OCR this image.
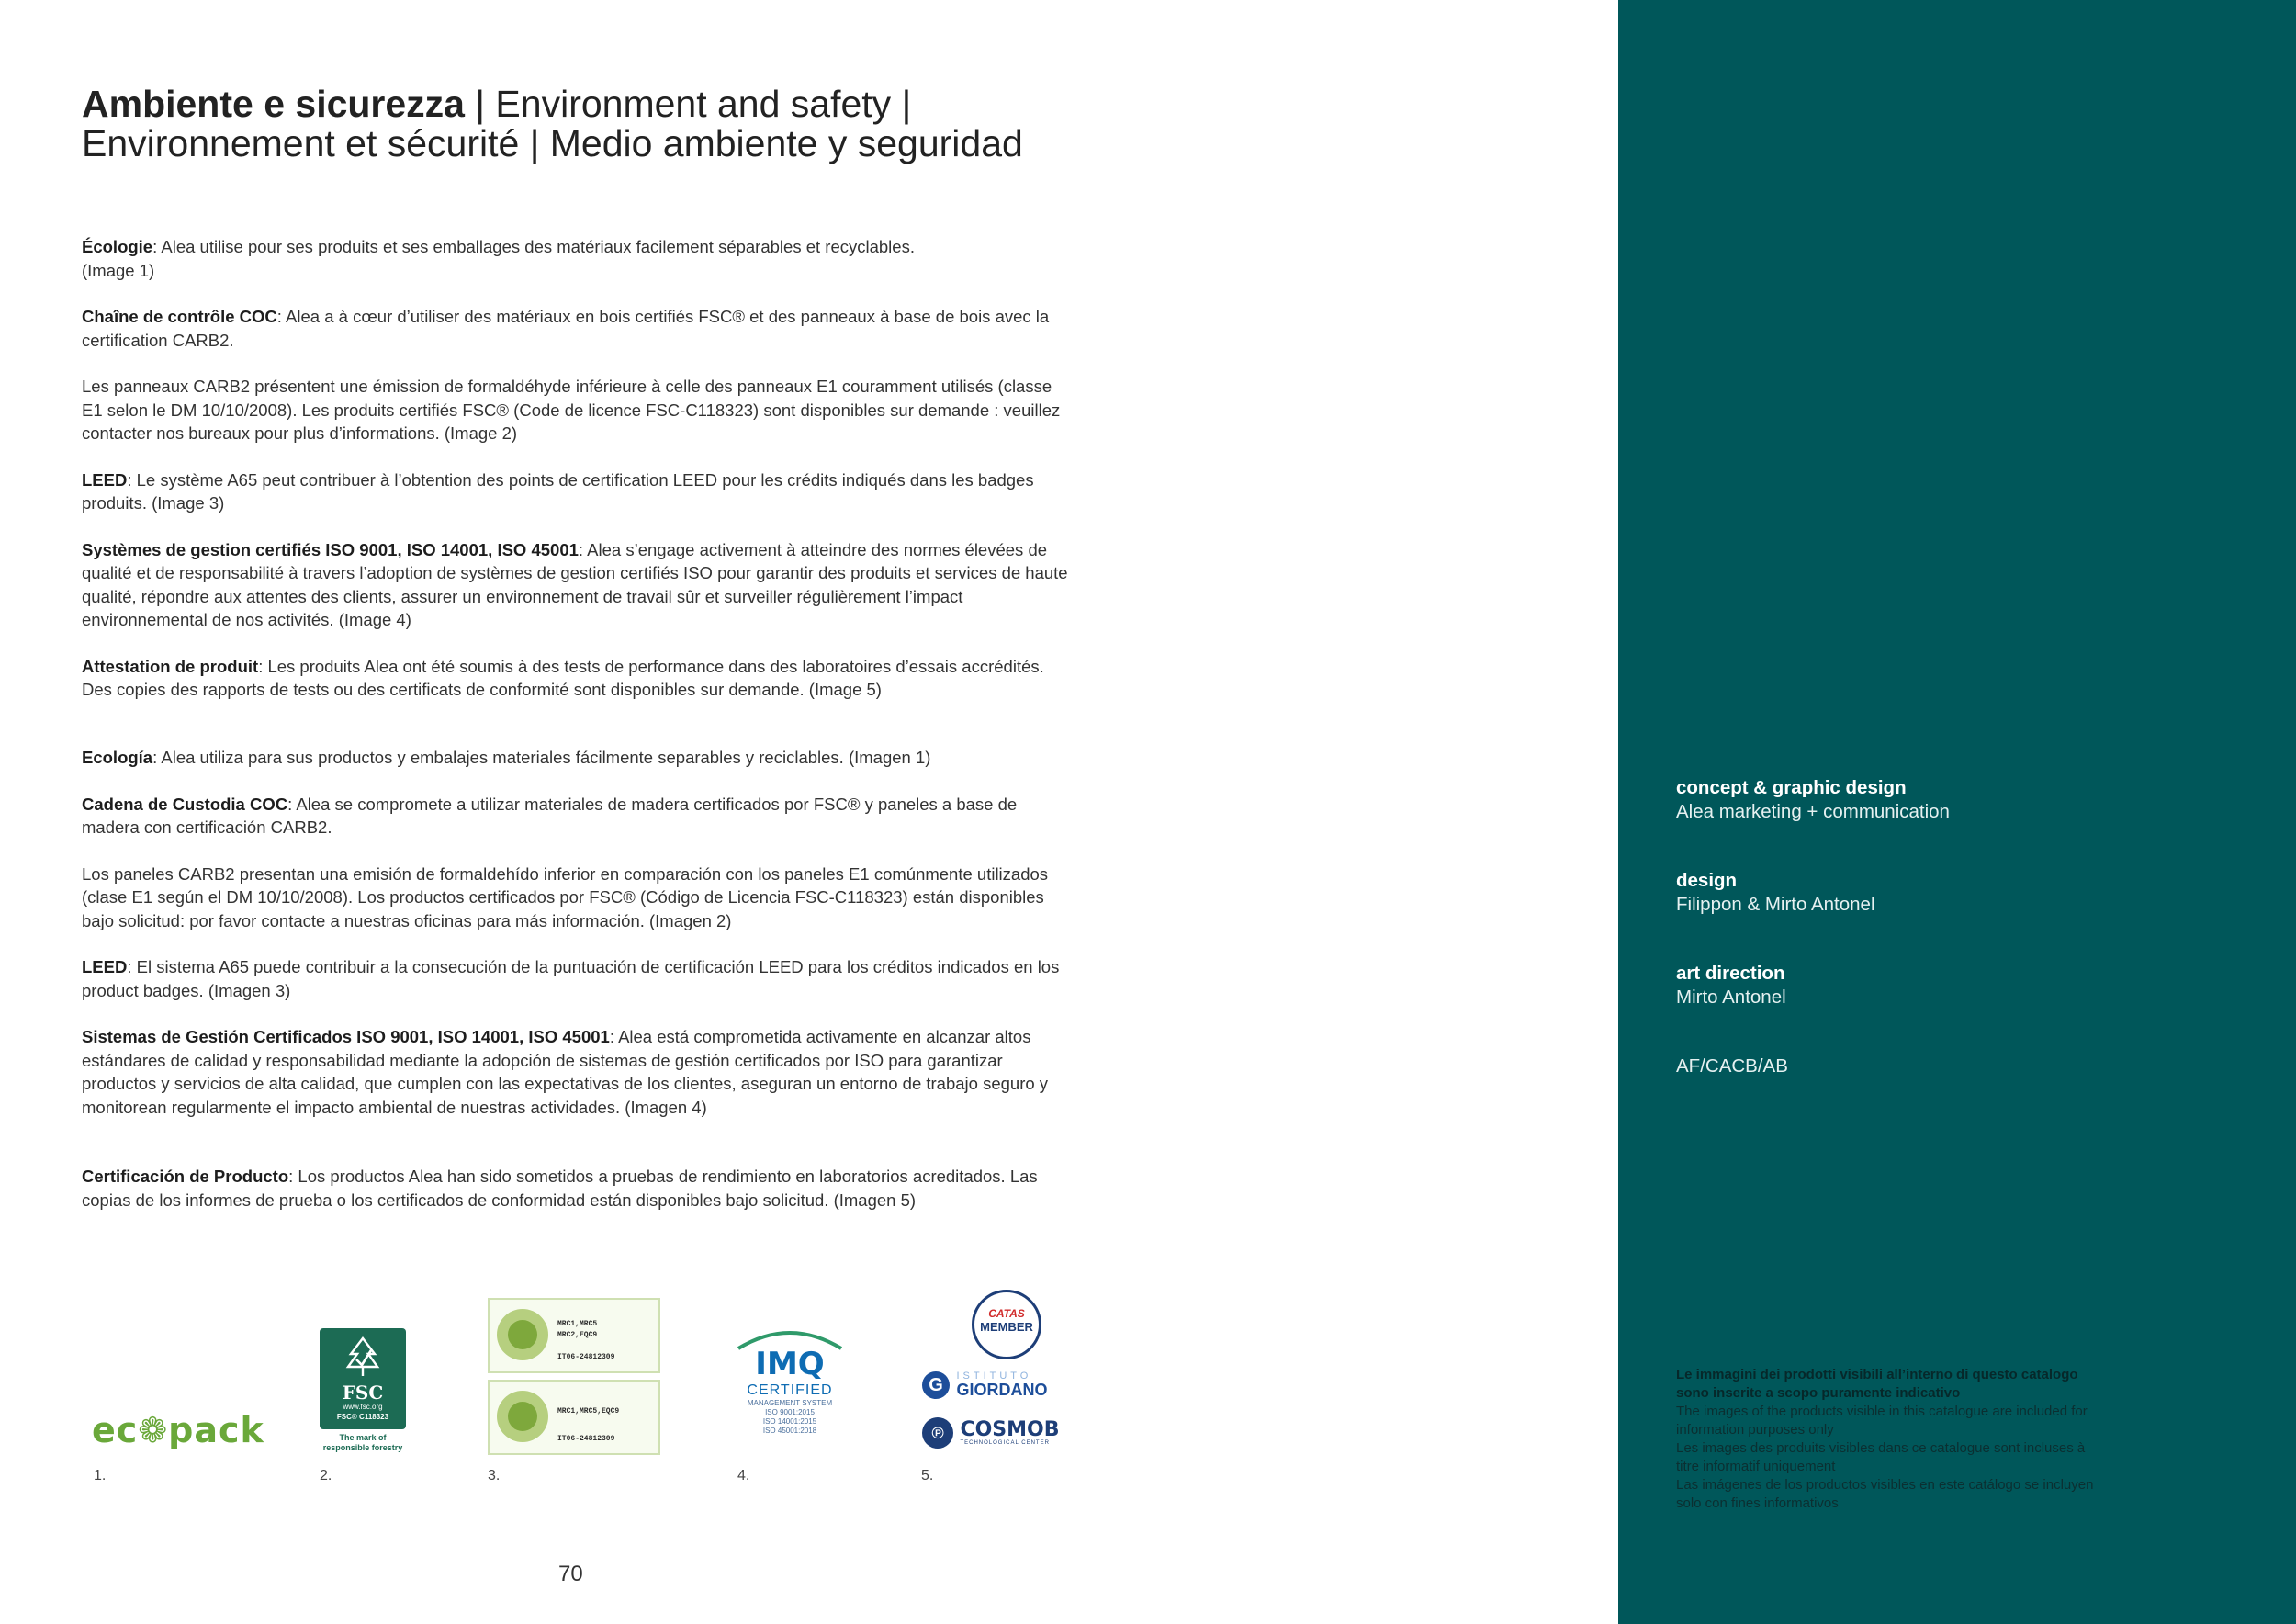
Ambiente e sicurezza | Environment and safety |
Environnement et sécurité | Medio ambiente y seguridad

Écologie: Alea utilise pour ses produits et ses emballages des matériaux facilement séparables et recyclables.
(Image 1)

Chaîne de contrôle COC: Alea a à cœur d’utiliser des matériaux en bois certifiés FSC® et des panneaux à base de bois avec la certification CARB2.

Les panneaux CARB2 présentent une émission de formaldéhyde inférieure à celle des panneaux E1 couramment utilisés (classe E1 selon le DM 10/10/2008). Les produits certifiés FSC® (Code de licence FSC-C118323) sont disponibles sur demande : veuillez contacter nos bureaux pour plus d’informations. (Image 2)

LEED: Le système A65 peut contribuer à l’obtention des points de certification LEED pour les crédits indiqués dans les badges produits. (Image 3)

Systèmes de gestion certifiés ISO 9001, ISO 14001, ISO 45001: Alea s’engage activement à atteindre des normes élevées de qualité et de responsabilité à travers l’adoption de systèmes de gestion certifiés ISO pour garantir des produits et services de haute qualité, répondre aux attentes des clients, assurer un environnement de travail sûr et surveiller régulièrement l’impact environnemental de nos activités. (Image 4)

Attestation de produit: Les produits Alea ont été soumis à des tests de performance dans des laboratoires d’essais accrédités. Des copies des rapports de tests ou des certificats de conformité sont disponibles sur demande. (Image 5)

Ecología: Alea utiliza para sus productos y embalajes materiales fácilmente separables y reciclables. (Imagen 1)

Cadena de Custodia COC: Alea se compromete a utilizar materiales de madera certificados por FSC® y paneles a base de madera con certificación CARB2.

Los paneles CARB2 presentan una emisión de formaldehído inferior en comparación con los paneles E1 comúnmente utilizados (clase E1 según el DM 10/10/2008). Los productos certificados por FSC® (Código de Licencia FSC-C118323) están disponibles bajo solicitud: por favor contacte a nuestras oficinas para más información. (Imagen 2)

LEED: El sistema A65 puede contribuir a la consecución de la puntuación de certificación LEED para los créditos indicados en los product badges. (Imagen 3)

Sistemas de Gestión Certificados ISO 9001, ISO 14001, ISO 45001: Alea está comprometida activamente en alcanzar altos estándares de calidad y responsabilidad mediante la adopción de sistemas de gestión certificados por ISO para garantizar productos y servicios de alta calidad, que cumplen con las expectativas de los clientes, aseguran un entorno de trabajo seguro y monitorean regularmente el impacto ambiental de nuestras actividades. (Imagen 4)

Certificación de Producto: Los productos Alea han sido sometidos a pruebas de rendimiento en laboratorios acreditados. Las copias de los informes de prueba o los certificados de conformidad están disponibles bajo solicitud. (Imagen 5)

ec❁pack
FSC
www.fsc.org
FSC® C118323
The mark of responsible forestry
MRC1,MRC5
MRC2,EQC9
IT06-24812309
MRC1,MRC5,EQC9
IT06-24812309
IMQ
CERTIFIED
MANAGEMENT SYSTEM
ISO 9001:2015
ISO 14001:2015
ISO 45001:2018
CATAS
MEMBER
G ISTITUTO
GIORDANO
℗ COSMOB
TECHNOLOGICAL CENTER
1.	2.	3.	4.	5.
70
concept & graphic design
Alea marketing + communication
design
Filippon & Mirto Antonel
art direction
Mirto Antonel
AF/CACB/AB
Le immagini dei prodotti visibili all’interno di questo catalogo sono inserite a scopo puramente indicativo
The images of the products visible in this catalogue are included for information purposes only
Les images des produits visibles dans ce catalogue sont incluses à titre informatif uniquement
Las imágenes de los productos visibles en este catálogo se incluyen solo con fines informativos
